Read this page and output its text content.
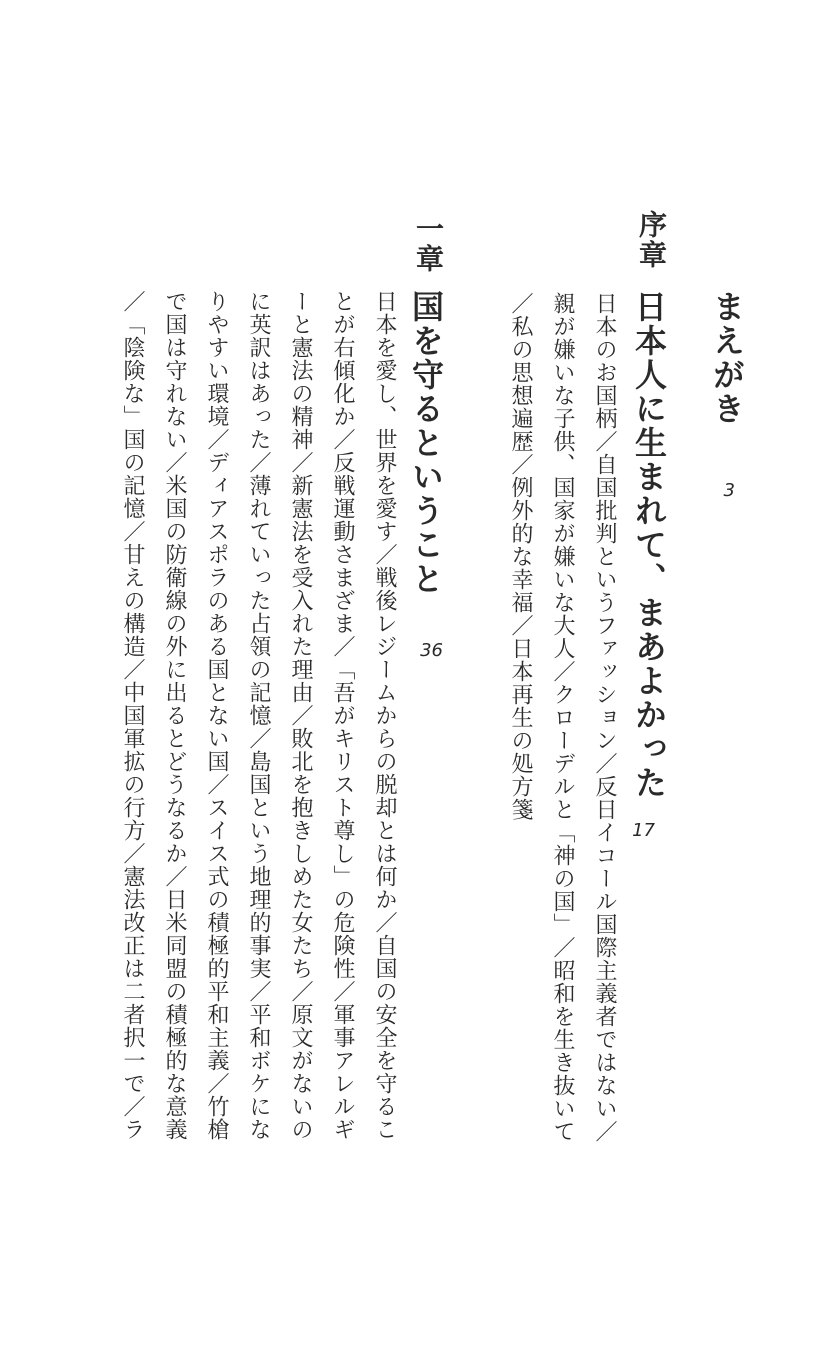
まえがき
3
序章
日本人に生まれて、まあよかった
17
日本のお国柄／自国批判というファッション／反日イコール国際主義者ではない／
親が嫌いな子供、国家が嫌いな大人／クローデルと「神の国」／昭和を生き抜いて
／私の思想遍歴／例外的な幸福／日本再生の処方箋
一章
国を守るということ
36
日本を愛し、世界を愛す／戦後レジームからの脱却とは何か／自国の安全を守るこ
とが右傾化か／反戦運動さまざま／「吾がキリスト尊し」の危険性／軍事アレルギ
ーと憲法の精神／新憲法を受入れた理由／敗北を抱きしめた女たち／原文がないの
に英訳はあった／薄れていった占領の記憶／島国という地理的事実／平和ボケにな
りやすい環境／ディアスポラのある国とない国／スイス式の積極的平和主義／竹槍
で国は守れない／米国の防衛線の外に出るとどうなるか／日米同盟の積極的な意義
／「陰険な」国の記憶／甘えの構造／中国軍拡の行方／憲法改正は二者択一で／ラ
